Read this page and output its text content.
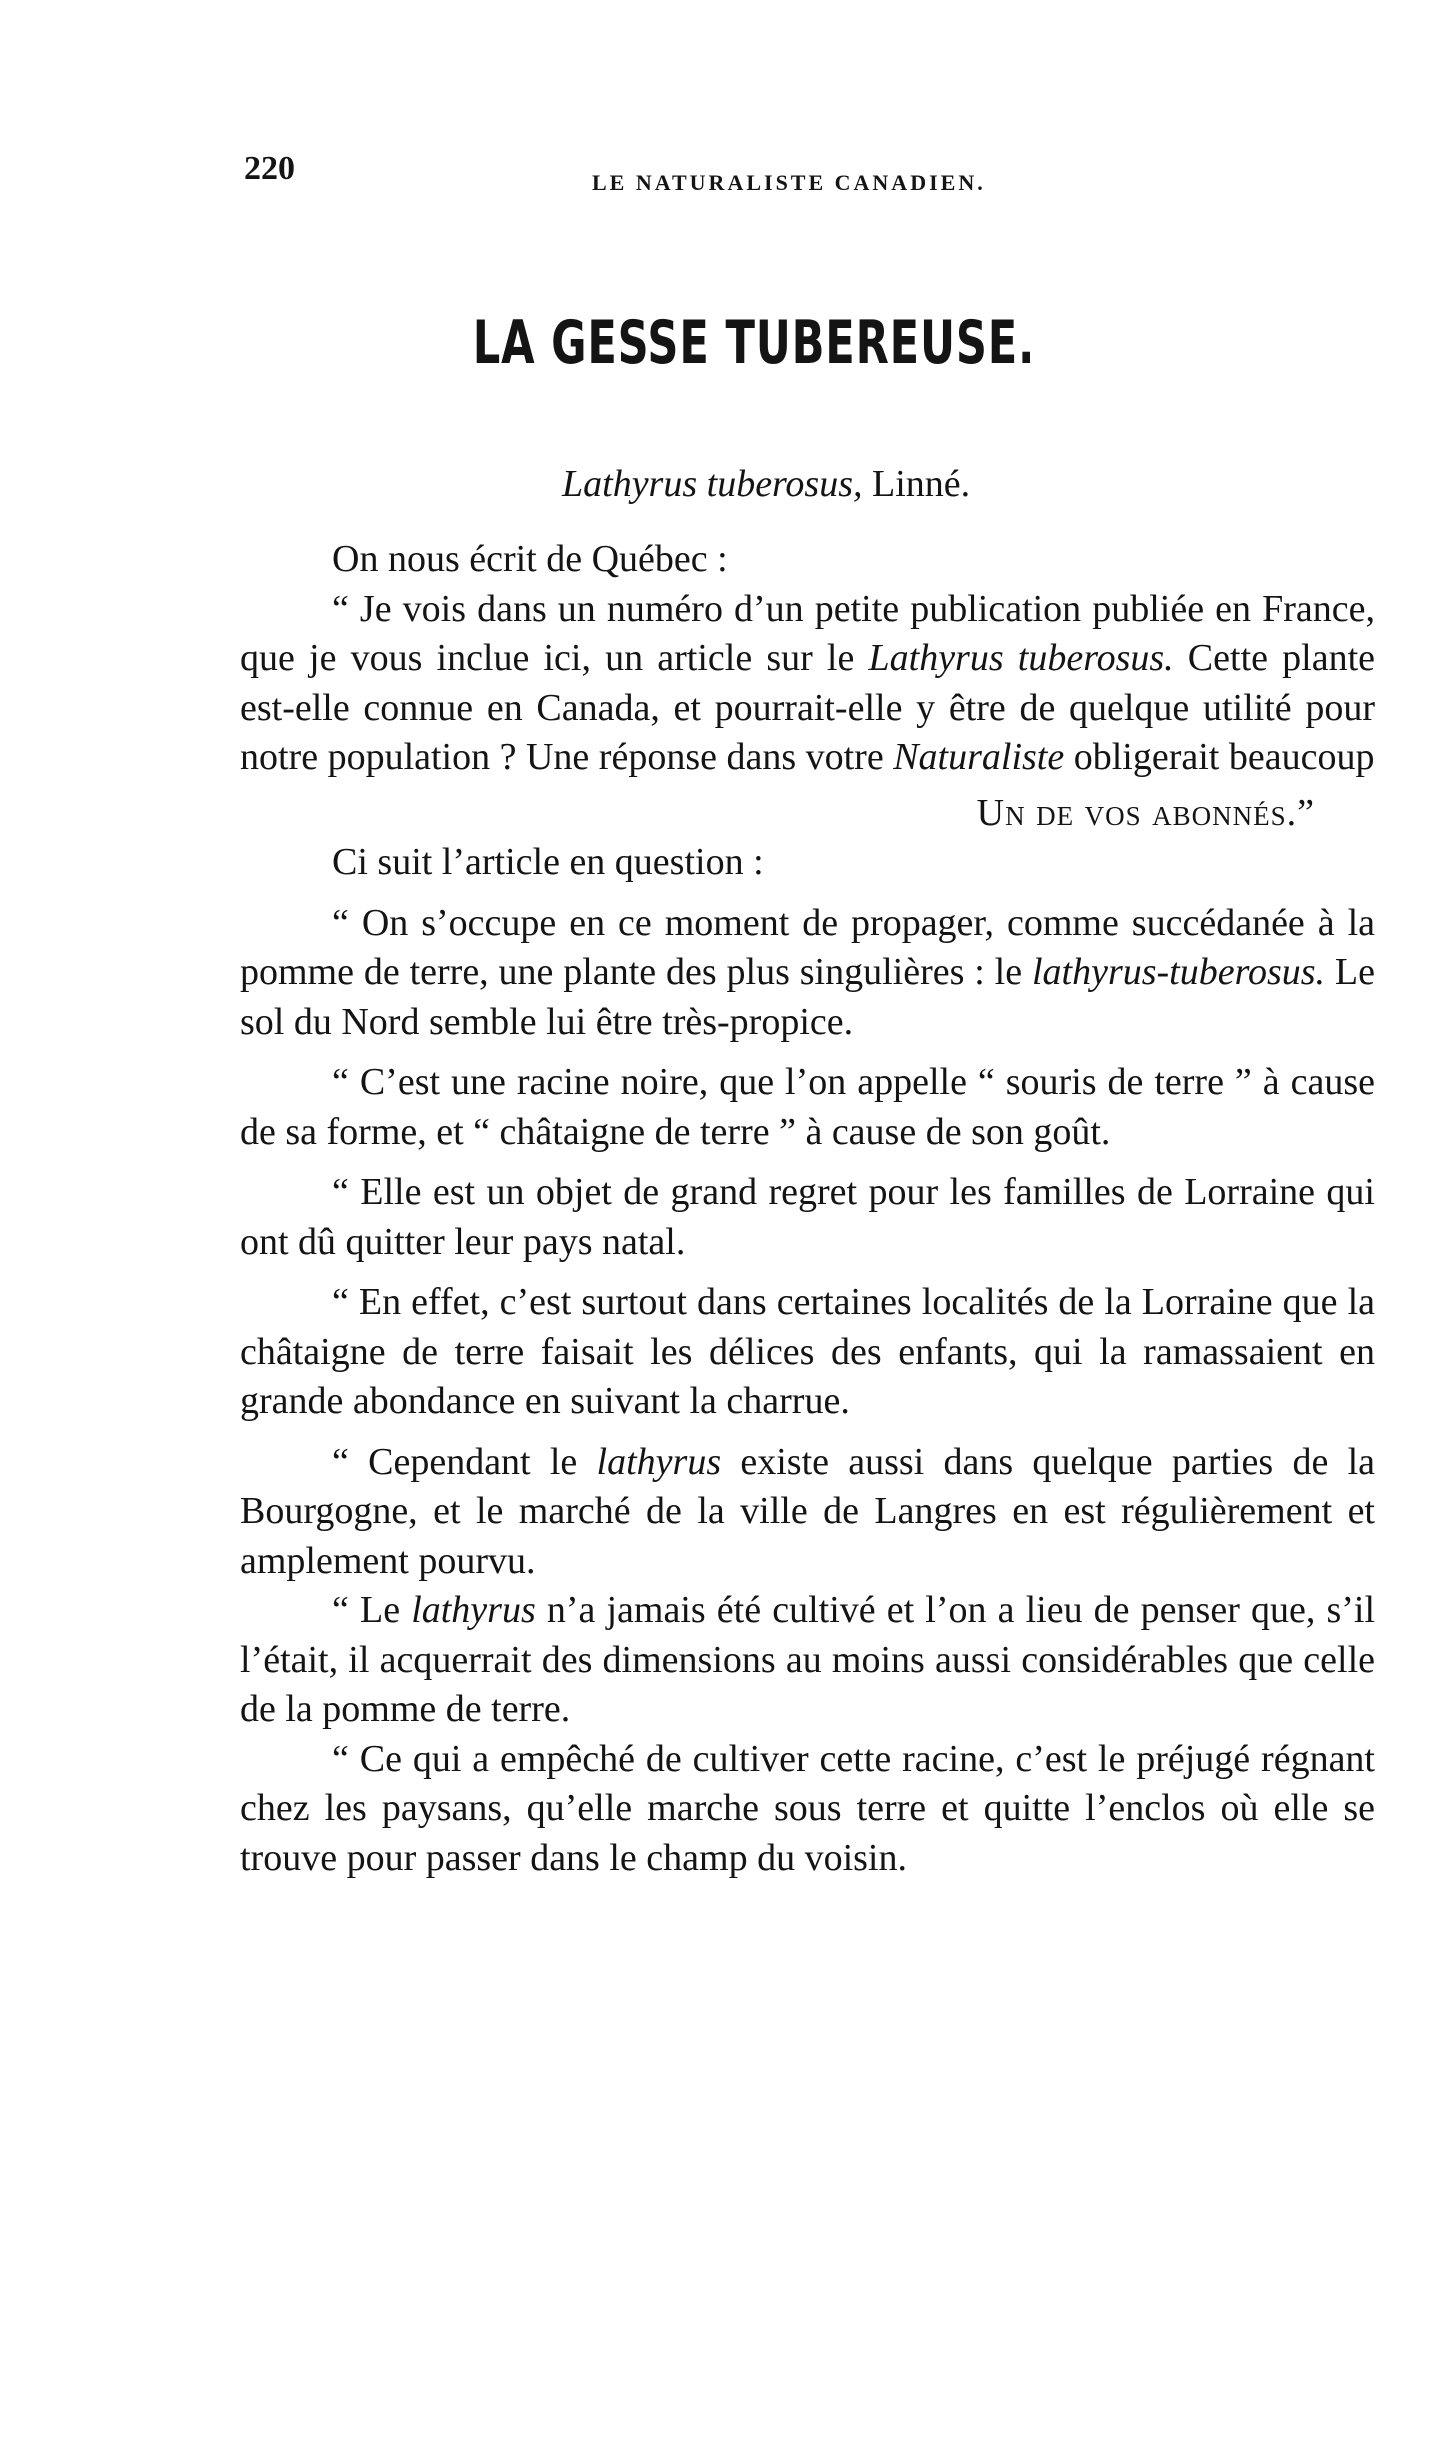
220	LE NATURALISTE CANADIEN.
LA GESSE TUBEREUSE.
Lathyrus tuberosus, Linné.

On nous écrit de Québec :

“ Je vois dans un numéro d’un petite publication publiée en France, que je vous inclue ici, un article sur le Lathyrus tuberosus. Cette plante est-elle connue en Canada, et pourrait-elle y être de quelque utilité pour notre population ? Une réponse dans votre Naturaliste obligerait beaucoup

Un de vos abonnés.”

Ci suit l’article en question :

“ On s’occupe en ce moment de propager, comme succédanée à la pomme de terre, une plante des plus singulières : le lathyrus-tuberosus. Le sol du Nord semble lui être très-propice.

“ C’est une racine noire, que l’on appelle “ souris de terre ” à cause de sa forme, et “ châtaigne de terre ” à cause de son goût.

“ Elle est un objet de grand regret pour les familles de Lorraine qui ont dû quitter leur pays natal.

“ En effet, c’est surtout dans certaines localités de la Lorraine que la châtaigne de terre faisait les délices des enfants, qui la ramassaient en grande abondance en suivant la charrue.

“ Cependant le lathyrus existe aussi dans quelque parties de la Bourgogne, et le marché de la ville de Langres en est régulièrement et amplement pourvu.

“ Le lathyrus n’a jamais été cultivé et l’on a lieu de penser que, s’il l’était, il acquerrait des dimensions au moins aussi considérables que celle de la pomme de terre.

“ Ce qui a empêché de cultiver cette racine, c’est le préjugé régnant chez les paysans, qu’elle marche sous terre et quitte l’enclos où elle se trouve pour passer dans le champ du voisin.
